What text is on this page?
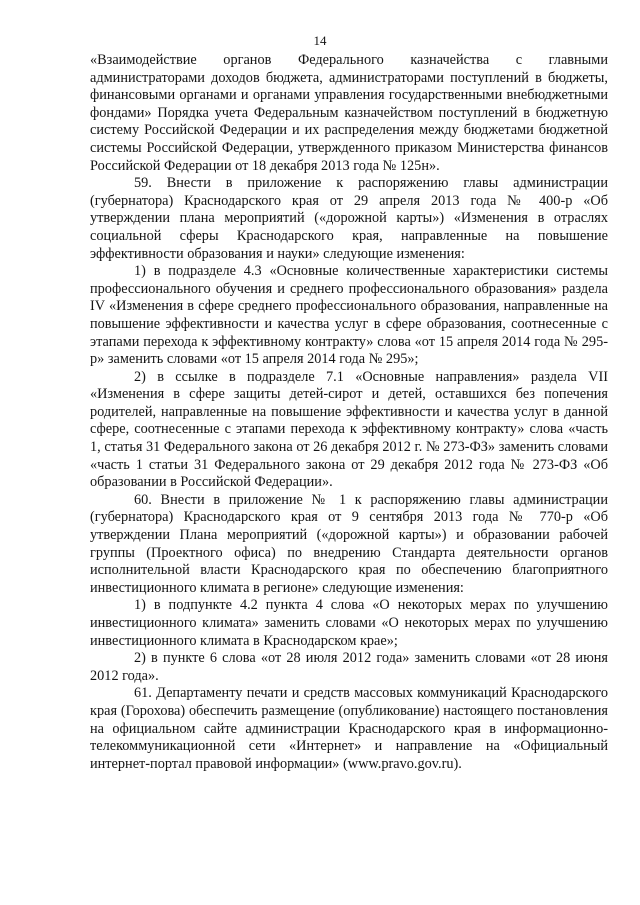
14

«Взаимодействие органов Федерального казначейства с главными администраторами доходов бюджета, администраторами поступлений в бюджеты, финансовыми органами и органами управления государственными внебюджетными фондами» Порядка учета Федеральным казначейством поступлений в бюджетную систему Российской Федерации и их распределения между бюджетами бюджетной системы Российской Федерации, утвержденного приказом Министерства финансов Российской Федерации от 18 декабря 2013 года № 125н».

59. Внести в приложение к распоряжению главы администрации (губернатора) Краснодарского края от 29 апреля 2013 года № 400-р «Об утверждении плана мероприятий («дорожной карты») «Изменения в отраслях социальной сферы Краснодарского края, направленные на повышение эффективности образования и науки» следующие изменения:

1) в подразделе 4.3 «Основные количественные характеристики системы профессионального обучения и среднего профессионального образования» раздела IV «Изменения в сфере среднего профессионального образования, направленные на повышение эффективности и качества услуг в сфере образования, соотнесенные с этапами перехода к эффективному контракту» слова «от 15 апреля 2014 года № 295-р» заменить словами «от 15 апреля 2014 года № 295»;

2) в ссылке в подразделе 7.1 «Основные направления» раздела VII «Изменения в сфере защиты детей-сирот и детей, оставшихся без попечения родителей, направленные на повышение эффективности и качества услуг в данной сфере, соотнесенные с этапами перехода к эффективному контракту» слова «часть 1, статья 31 Федерального закона от 26 декабря 2012 г. № 273-ФЗ» заменить словами «часть 1 статьи 31 Федерального закона от 29 декабря 2012 года № 273-ФЗ «Об образовании в Российской Федерации».

60. Внести в приложение № 1 к распоряжению главы администрации (губернатора) Краснодарского края от 9 сентября 2013 года № 770-р «Об утверждении Плана мероприятий («дорожной карты») и образовании рабочей группы (Проектного офиса) по внедрению Стандарта деятельности органов исполнительной власти Краснодарского края по обеспечению благоприятного инвестиционного климата в регионе» следующие изменения:

1) в подпункте 4.2 пункта 4 слова «О некоторых мерах по улучшению инвестиционного климата» заменить словами «О некоторых мерах по улучшению инвестиционного климата в Краснодарском крае»;

2) в пункте 6 слова «от 28 июля 2012 года» заменить словами «от 28 июня 2012 года».

61. Департаменту печати и средств массовых коммуникаций Краснодарского края (Горохова) обеспечить размещение (опубликование) настоящего постановления на официальном сайте администрации Краснодарского края в информационно-телекоммуникационной сети «Интернет» и направление на «Официальный интернет-портал правовой информации» (www.pravo.gov.ru).
